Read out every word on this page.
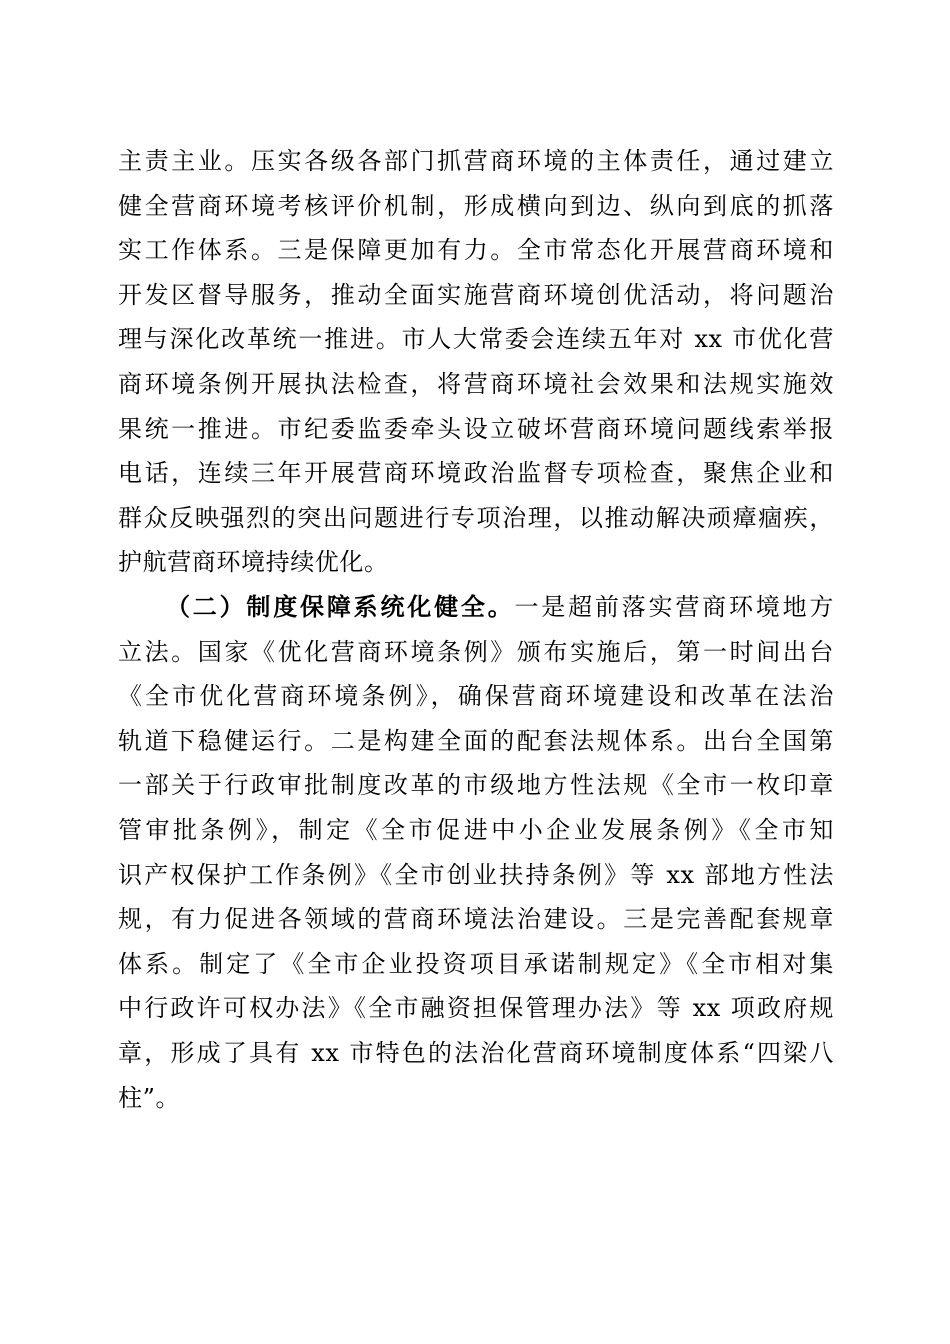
主责主业。压实各级各部门抓营商环境的主体责任，通过建立
健全营商环境考核评价机制，形成横向到边、纵向到底的抓落
实工作体系。三是保障更加有力。全市常态化开展营商环境和
开发区督导服务，推动全面实施营商环境创优活动，将问题治
理与深化改革统一推进。市人大常委会连续五年对 xx 市优化营
商环境条例开展执法检查，将营商环境社会效果和法规实施效
果统一推进。市纪委监委牵头设立破坏营商环境问题线索举报
电话，连续三年开展营商环境政治监督专项检查，聚焦企业和
群众反映强烈的突出问题进行专项治理，以推动解决顽瘴痼疾，
护航营商环境持续优化。
（二）制度保障系统化健全。一是超前落实营商环境地方
立法。国家《优化营商环境条例》颁布实施后，第一时间出台
《全市优化营商环境条例》，确保营商环境建设和改革在法治
轨道下稳健运行。二是构建全面的配套法规体系。出台全国第
一部关于行政审批制度改革的市级地方性法规《全市一枚印章
管审批条例》，制定《全市促进中小企业发展条例》《全市知
识产权保护工作条例》《全市创业扶持条例》等 xx 部地方性法
规，有力促进各领域的营商环境法治建设。三是完善配套规章
体系。制定了《全市企业投资项目承诺制规定》《全市相对集
中行政许可权办法》《全市融资担保管理办法》等 xx 项政府规
章，形成了具有 xx 市特色的法治化营商环境制度体系“四梁八
柱”。
